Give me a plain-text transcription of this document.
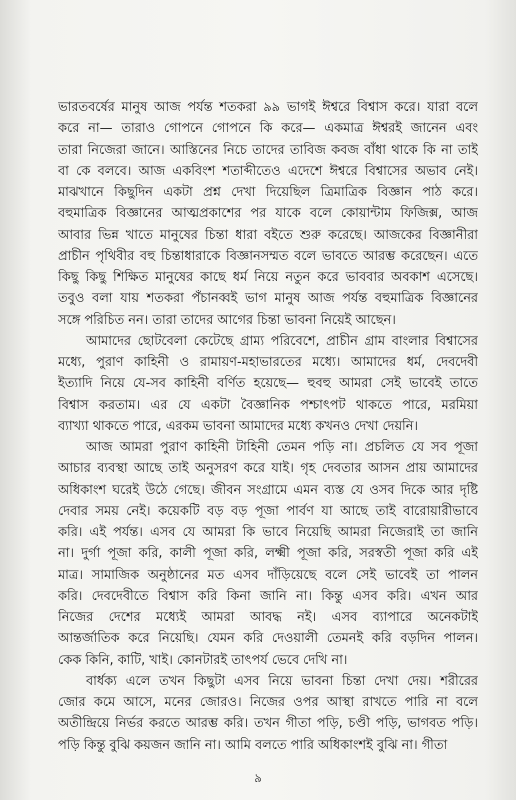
ভারতবর্ষের মানুষ আজ পর্যন্ত শতকরা ৯৯ ভাগই ঈশ্বরে বিশ্বাস করে। যারা বলে
করে না— তারাও গোপনে গোপনে কি করে— একমাত্র ঈশ্বরই জানেন এবং
তারা নিজেরা জানে। আস্তিনের নিচে তাদের তাবিজ কবজ বাঁধা থাকে কি না তাই
বা কে বলবে। আজ একবিংশ শতাব্দীতেও এদেশে ঈশ্বরে বিশ্বাসের অভাব নেই।
মাঝখানে কিছুদিন একটা প্রশ্ন দেখা দিয়েছিল ত্রিমাত্রিক বিজ্ঞান পাঠ করে।
বহুমাত্রিক বিজ্ঞানের আত্মপ্রকাশের পর যাকে বলে কোয়ান্টাম ফিজিক্স, আজ
আবার ভিন্ন খাতে মানুষের চিন্তা ধারা বইতে শুরু করেছে। আজকের বিজ্ঞানীরা
প্রাচীন পৃথিবীর বহু চিন্তাধারাকে বিজ্ঞানসম্মত বলে ভাবতে আরম্ভ করেছেন। এতে
কিছু কিছু শিক্ষিত মানুষের কাছে ধর্ম নিয়ে নতুন করে ভাববার অবকাশ এসেছে।
তবুও বলা যায় শতকরা পঁচানব্বই ভাগ মানুষ আজ পর্যন্ত বহুমাত্রিক বিজ্ঞানের
সঙ্গে পরিচিত নন। তারা তাদের আগের চিন্তা ভাবনা নিয়েই আছেন।
আমাদের ছোটবেলা কেটেছে গ্রাম্য পরিবেশে, প্রাচীন গ্রাম বাংলার বিশ্বাসের
মধ্যে, পুরাণ কাহিনী ও রামায়ণ-মহাভারতের মধ্যে। আমাদের ধর্ম, দেবদেবী
ইত্যাদি নিয়ে যে-সব কাহিনী বর্ণিত হয়েছে— হুবহু আমরা সেই ভাবেই তাতে
বিশ্বাস করতাম। এর যে একটা বৈজ্ঞানিক পশ্চাৎপট থাকতে পারে, মরমিয়া
ব্যাখ্যা থাকতে পারে, এরকম ভাবনা আমাদের মধ্যে কখনও দেখা দেয়নি।
আজ আমরা পুরাণ কাহিনী টাহিনী তেমন পড়ি না। প্রচলিত যে সব পূজা
আচার ব্যবস্থা আছে তাই অনুসরণ করে যাই। গৃহ দেবতার আসন প্রায় আমাদের
অধিকাংশ ঘরেই উঠে গেছে। জীবন সংগ্রামে এমন ব্যস্ত যে ওসব দিকে আর দৃষ্টি
দেবার সময় নেই। কয়েকটি বড় বড় পূজা পার্বণ যা আছে তাই বারোয়ারীভাবে
করি। এই পর্যন্ত। এসব যে আমরা কি ভাবে নিয়েছি আমরা নিজেরাই তা জানি
না। দুর্গা পূজা করি, কালী পূজা করি, লক্ষ্মী পূজা করি, সরস্বতী পূজা করি এই
মাত্র। সামাজিক অনুষ্ঠানের মত এসব দাঁড়িয়েছে বলে সেই ভাবেই তা পালন
করি। দেবদেবীতে বিশ্বাস করি কিনা জানি না। কিন্তু এসব করি। এখন আর
নিজের দেশের মধ্যেই আমরা আবদ্ধ নই। এসব ব্যাপারে অনেকটাই
আন্তর্জাতিক করে নিয়েছি। যেমন করি দেওয়ালী তেমনই করি বড়দিন পালন।
কেক কিনি, কাটি, খাই। কোনটারই তাৎপর্য ভেবে দেখি না।
বার্ধক্য এলে তখন কিছুটা এসব নিয়ে ভাবনা চিন্তা দেখা দেয়। শরীরের
জোর কমে আসে, মনের জোরও। নিজের ওপর আস্থা রাখতে পারি না বলে
অতীন্দ্রিয়ে নির্ভর করতে আরম্ভ করি। তখন গীতা পড়ি, চণ্ডী পড়ি, ভাগবত পড়ি।
পড়ি কিন্তু বুঝি কয়জন জানি না। আমি বলতে পারি অধিকাংশই বুঝি না। গীতা
৯
